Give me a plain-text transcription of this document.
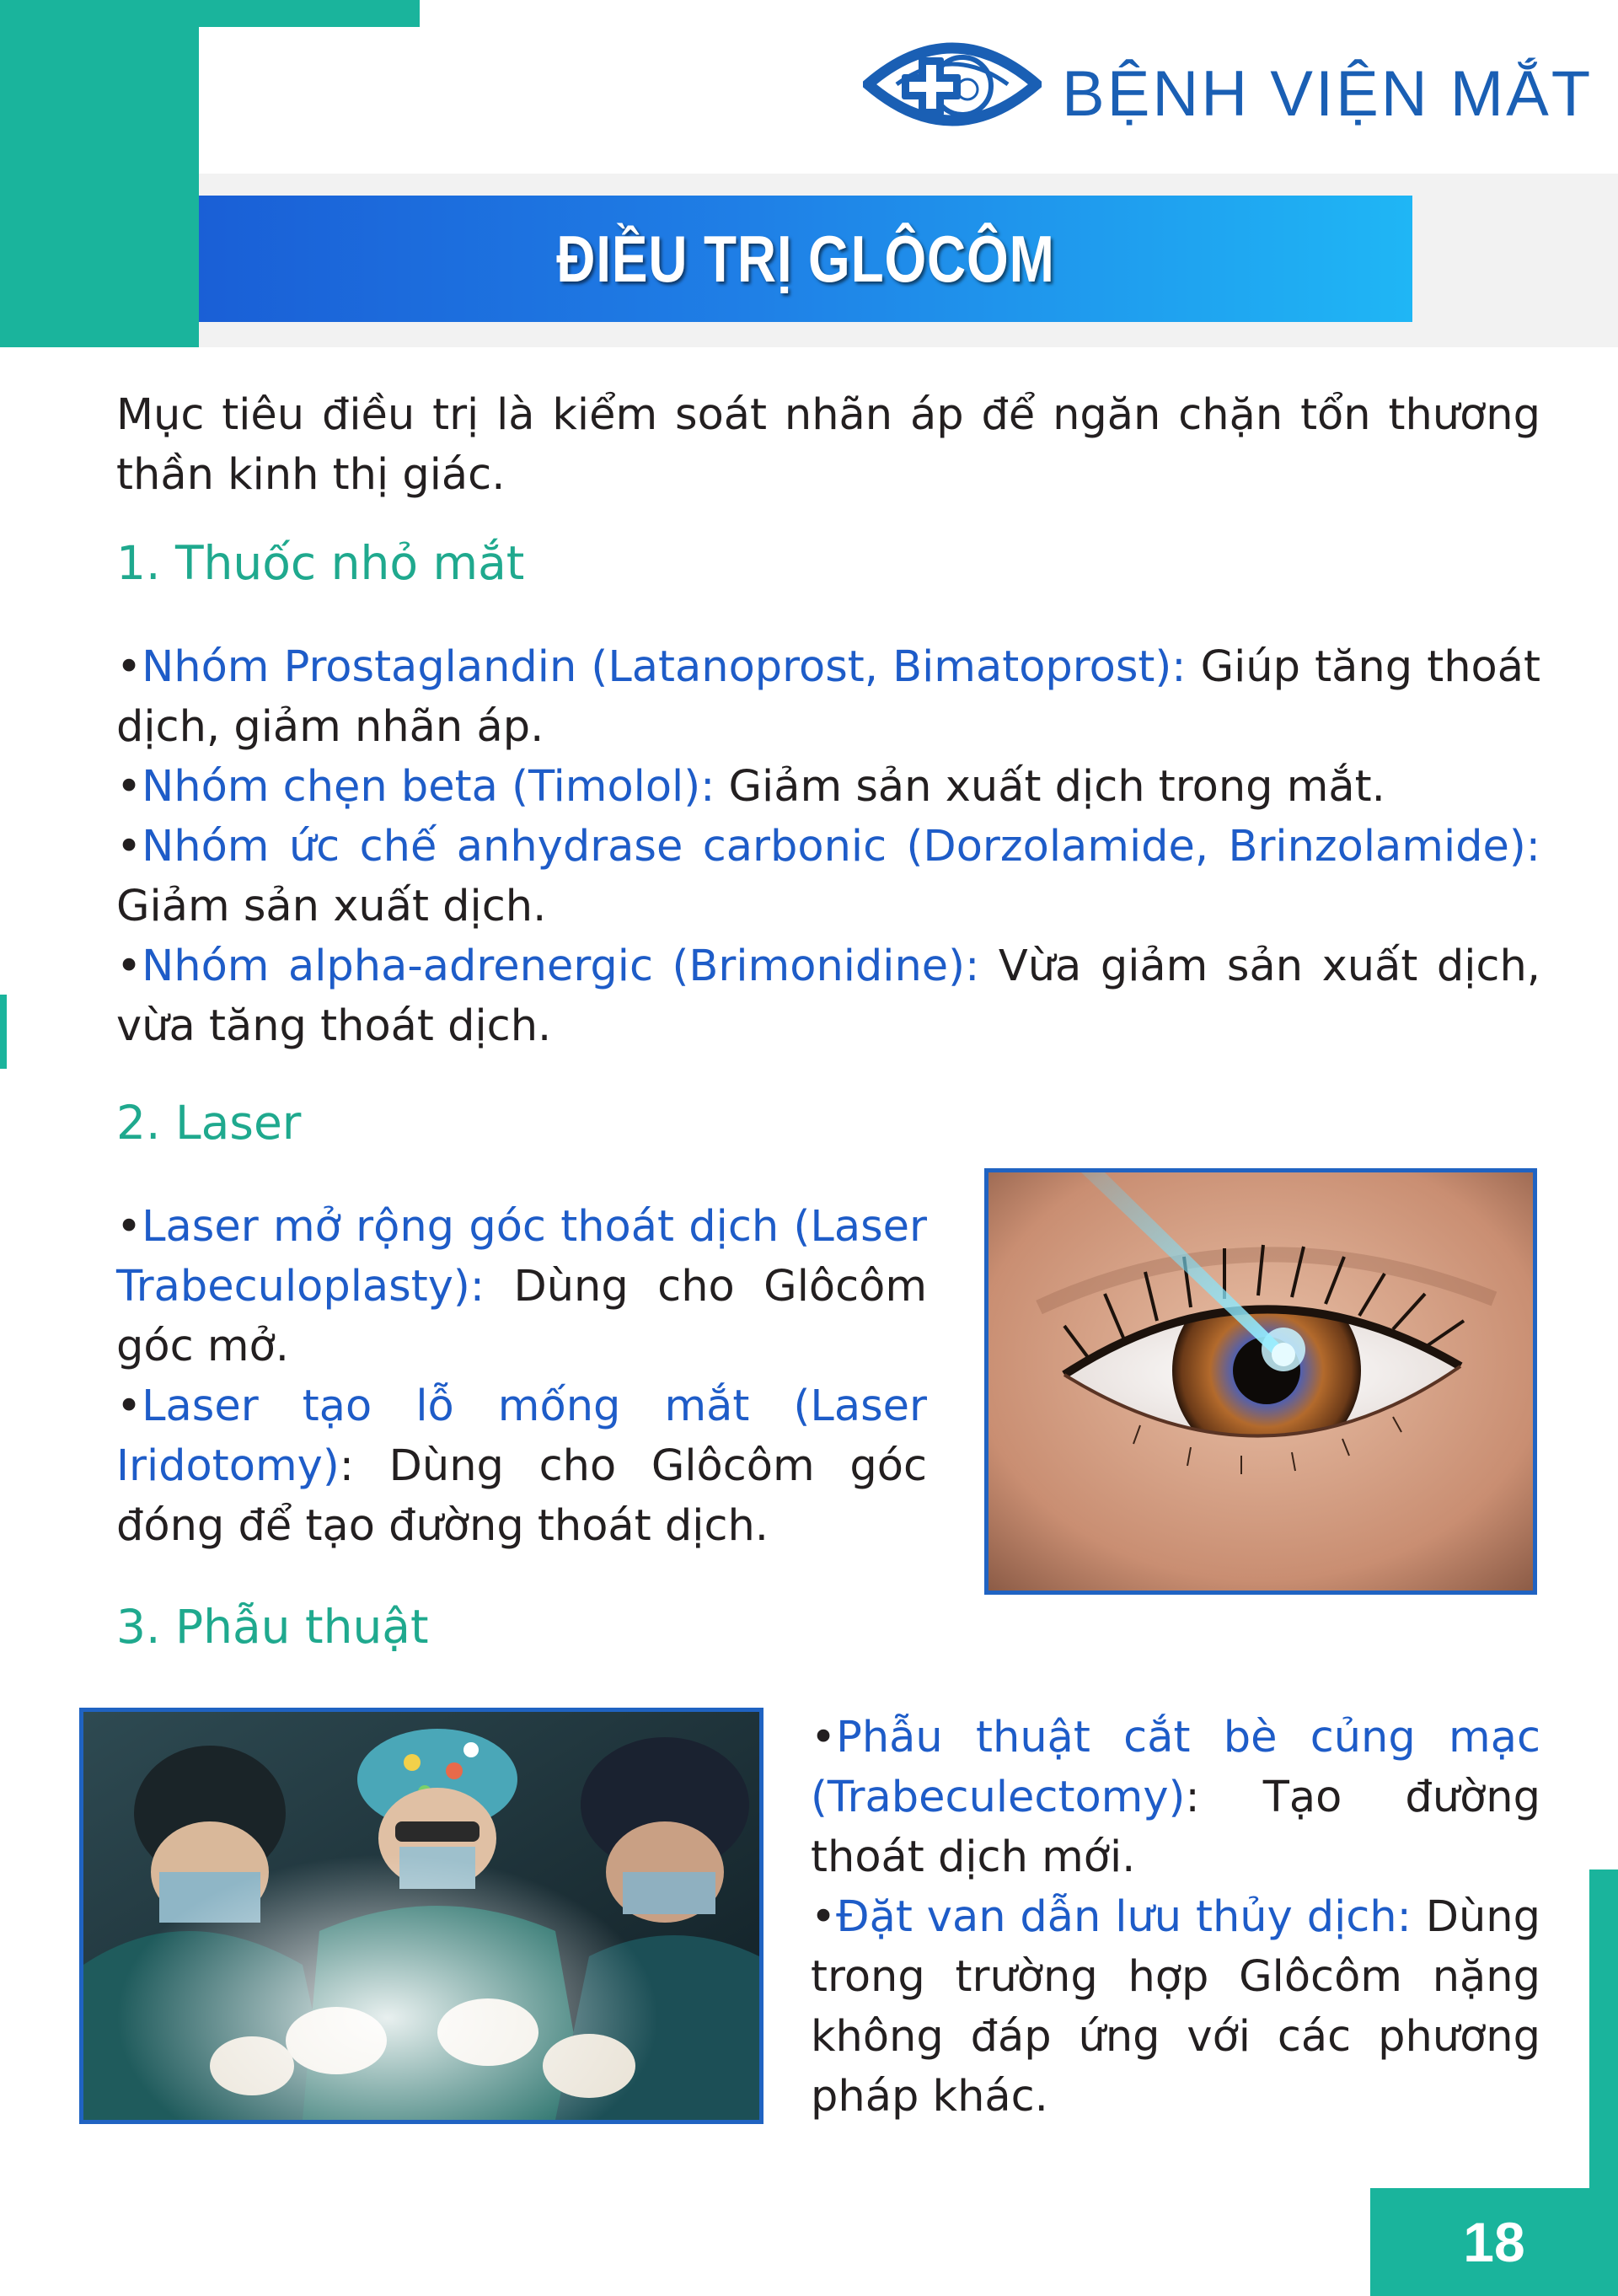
ĐIỀU TRỊ GLÔCÔM
BỆNH VIỆN MẮT
Mục tiêu điều trị là kiểm soát nhãn áp để ngăn chặn tổn thương thần kinh thị giác.
1. Thuốc nhỏ mắt

•Nhóm Prostaglandin (Latanoprost, Bimatoprost): Giúp tăng thoát dịch, giảm nhãn áp.

•Nhóm chẹn beta (Timolol): Giảm sản xuất dịch trong mắt.

•Nhóm ức chế anhydrase carbonic (Dorzolamide, Brinzolamide): Giảm sản xuất dịch.

•Nhóm alpha-adrenergic (Brimonidine): Vừa giảm sản xuất dịch, vừa tăng thoát dịch.

2. Laser

•Laser mở rộng góc thoát dịch (Laser Trabeculoplasty): Dùng cho Glôcôm góc mở.

•Laser tạo lỗ mống mắt (Laser Iridotomy): Dùng cho Glôcôm góc đóng để tạo đường thoát dịch.

3. Phẫu thuật

•Phẫu thuật cắt bè củng mạc (Trabeculectomy): Tạo đường thoát dịch mới.

•Đặt van dẫn lưu thủy dịch: Dùng trong trường hợp Glôcôm nặng không đáp ứng với các phương pháp khác.

18
